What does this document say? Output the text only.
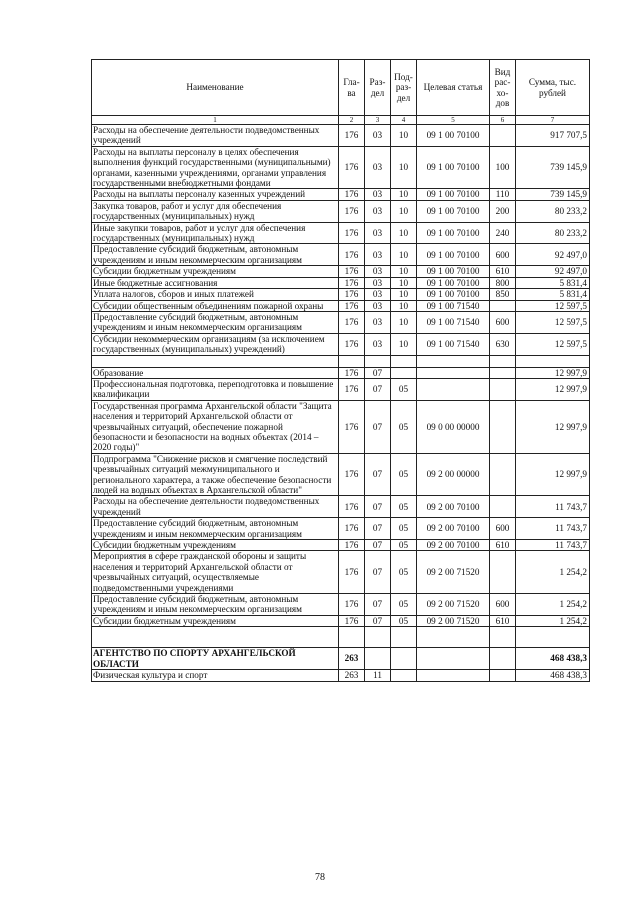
Наименование	Гла-ва	Раз-дел	Под-раз-дел	Целевая статья	Вид рас-хо-дов	Сумма, тыс. рублей
1	2	3	4	5	6	7
Расходы на обеспечение деятельности подведомственных учреждений	176	03	10	09 1 00 70100		917 707,5
Расходы на выплаты персоналу в целях обеспечения выполнения функций государственными (муниципальными) органами, казенными учреждениями, органами управления государственными внебюджетными фондами	176	03	10	09 1 00 70100	100	739 145,9
Расходы на выплаты персоналу казенных учреждений	176	03	10	09 1 00 70100	110	739 145,9
Закупка товаров, работ и услуг для обеспечения государственных (муниципальных) нужд	176	03	10	09 1 00 70100	200	80 233,2
Иные закупки товаров, работ и услуг для обеспечения государственных (муниципальных) нужд	176	03	10	09 1 00 70100	240	80 233,2
Предоставление субсидий бюджетным, автономным учреждениям и иным некоммерческим организациям	176	03	10	09 1 00 70100	600	92 497,0
Субсидии бюджетным учреждениям	176	03	10	09 1 00 70100	610	92 497,0
Иные бюджетные ассигнования	176	03	10	09 1 00 70100	800	5 831,4
Уплата налогов, сборов и иных платежей	176	03	10	09 1 00 70100	850	5 831,4
Субсидии общественным объединениям пожарной охраны	176	03	10	09 1 00 71540		12 597,5
Предоставление субсидий бюджетным, автономным учреждениям и иным некоммерческим организациям	176	03	10	09 1 00 71540	600	12 597,5
Субсидии некоммерческим организациям (за исключением государственных (муниципальных) учреждений)	176	03	10	09 1 00 71540	630	12 597,5

Образование	176	07				12 997,9
Профессиональная подготовка, переподготовка и повышение квалификации	176	07	05			12 997,9
Государственная программа Архангельской области "Защита населения и территорий Архангельской области от чрезвычайных ситуаций, обеспечение пожарной безопасности и безопасности на водных объектах (2014 – 2020 годы)"	176	07	05	09 0 00 00000		12 997,9
Подпрограмма "Снижение рисков и смягчение последствий чрезвычайных ситуаций межмуниципального и регионального характера, а также обеспечение безопасности людей на водных объектах в Архангельской области"	176	07	05	09 2 00 00000		12 997,9
Расходы на обеспечение деятельности подведомственных учреждений	176	07	05	09 2 00 70100		11 743,7
Предоставление субсидий бюджетным, автономным учреждениям и иным некоммерческим организациям	176	07	05	09 2 00 70100	600	11 743,7
Субсидии бюджетным учреждениям	176	07	05	09 2 00 70100	610	11 743,7
Мероприятия в сфере гражданской обороны и защиты населения и территорий Архангельской области от чрезвычайных ситуаций, осуществляемые подведомственными учреждениями	176	07	05	09 2 00 71520		1 254,2
Предоставление субсидий бюджетным, автономным учреждениям и иным некоммерческим организациям	176	07	05	09 2 00 71520	600	1 254,2
Субсидии бюджетным учреждениям	176	07	05	09 2 00 71520	610	1 254,2

АГЕНТСТВО ПО СПОРТУ АРХАНГЕЛЬСКОЙ ОБЛАСТИ	263					468 438,3
Физическая культура и спорт	263	11				468 438,3
78
